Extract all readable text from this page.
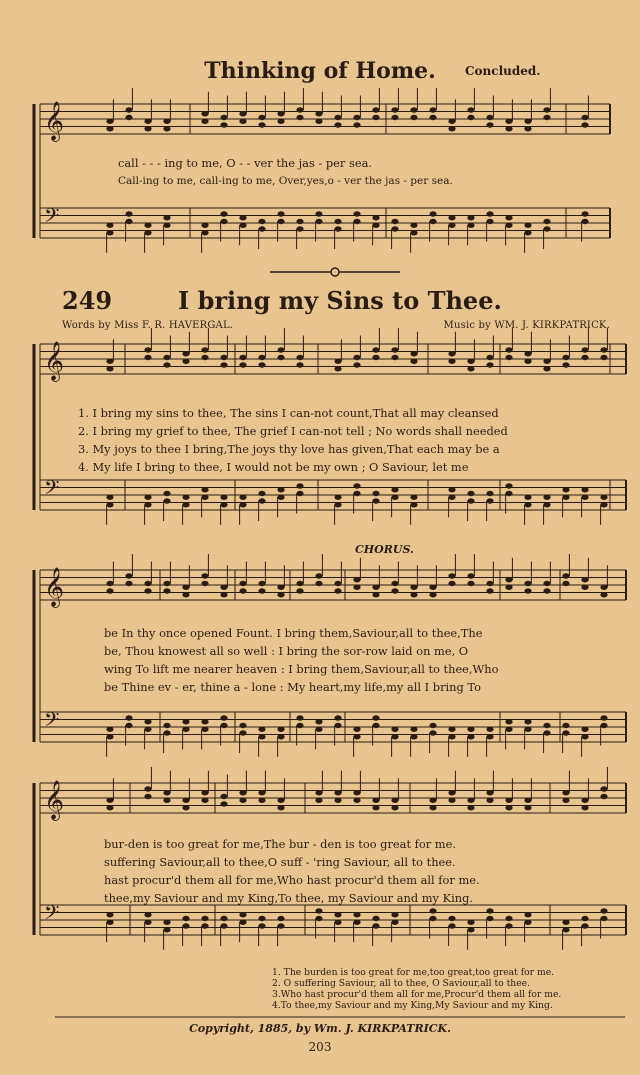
𝄞
𝄢
𝄞
𝄢
𝄞
𝄢
𝄞
𝄢
Thinking of Home.	Concluded.
call - - - ing to me, O - - ver the jas - per sea.
Call-ing to me, call-ing to me, Over,yes,o - ver the jas - per sea.
249	I bring my Sins to Thee.
Words by Miss F. R. HAVERGAL.	Music by WM. J. KIRKPATRICK.
1. I bring my sins to thee, The sins I can-not count,That all may cleansed
2. I bring my grief to thee, The grief I can-not tell ; No words shall needed
3. My joys to thee I bring,The joys thy love has given,That each may be a
4. My life I bring to thee, I would not be my own ; O Saviour, let me
CHORUS.
be In thy once opened Fount. I bring them,Saviour,all to thee,The
be, Thou knowest all so well : I bring the sor-row laid on me, O
wing To lift me nearer heaven : I bring them,Saviour,all to thee,Who
be Thine ev - er, thine a - lone : My heart,my life,my all I bring To
bur-den is too great for me,The bur - den is too great for me.
suffering Saviour,all to thee,O suff - 'ring Saviour, all to thee.
hast procur'd them all for me,Who hast procur'd them all for me.
thee,my Saviour and my King,To thee, my Saviour and my King.
1. The burden is too great for me,too great,too great for me.
2. O suffering Saviour, all to thee, O Saviour,all to thee.
3.Who hast procur'd them all for me,Procur'd them all for me.
4.To thee,my Saviour and my King,My Saviour and my King.
Copyright, 1885, by Wm. J. KIRKPATRICK.
203
